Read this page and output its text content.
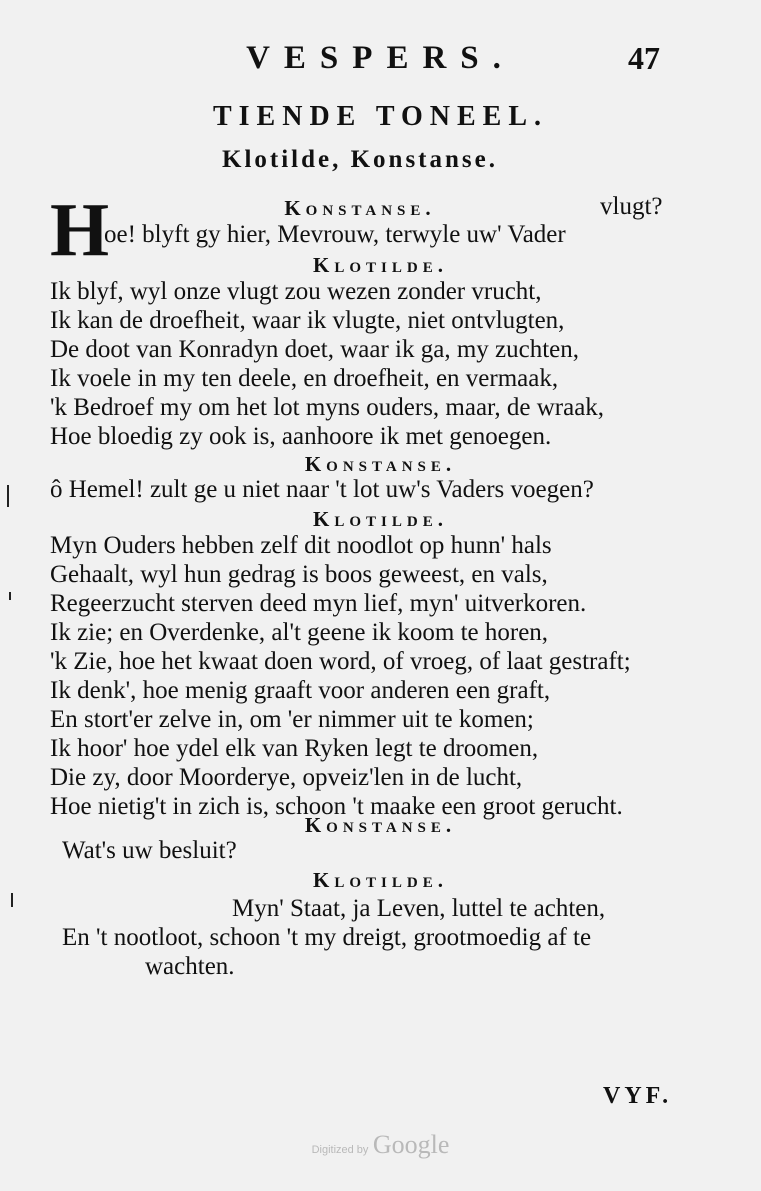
VESPERS.	47
TIENDE TONEEL.
Klotilde, Konstanse.
H	Konstanse.	vlugt?
oe! blyft gy hier, Mevrouw, terwyle uw' Vader
Klotilde.
Ik blyf, wyl onze vlugt zou wezen zonder vrucht,
Ik kan de droefheit, waar ik vlugte, niet ontvlugten,
De doot van Konradyn doet, waar ik ga, my zuchten,
Ik voele in my ten deele, en droefheit, en vermaak,
'k Bedroef my om het lot myns ouders, maar, de wraak,
Hoe bloedig zy ook is, aanhoore ik met genoegen.
Konstanse.
ô Hemel! zult ge u niet naar 't lot uw's Vaders voegen?
Klotilde.
Myn Ouders hebben zelf dit noodlot op hunn' hals
Gehaalt, wyl hun gedrag is boos geweest, en vals,
Regeerzucht sterven deed myn lief, myn' uitverkoren.
Ik zie; en Overdenke, al't geene ik koom te horen,
'k Zie, hoe het kwaat doen word, of vroeg, of laat gestraft;
Ik denk', hoe menig graaft voor anderen een graft,
En stort'er zelve in, om 'er nimmer uit te komen;
Ik hoor' hoe ydel elk van Ryken legt te droomen,
Die zy, door Moorderye, opveiz'len in de lucht,
Hoe nietig't in zich is, schoon 't maake een groot gerucht.
Konstanse.
Wat's uw besluit?
Klotilde.
Myn' Staat, ja Leven, luttel te achten,
En 't nootloot, schoon 't my dreigt, grootmoedig af te
wachten.
VYF.
Digitized by Google
